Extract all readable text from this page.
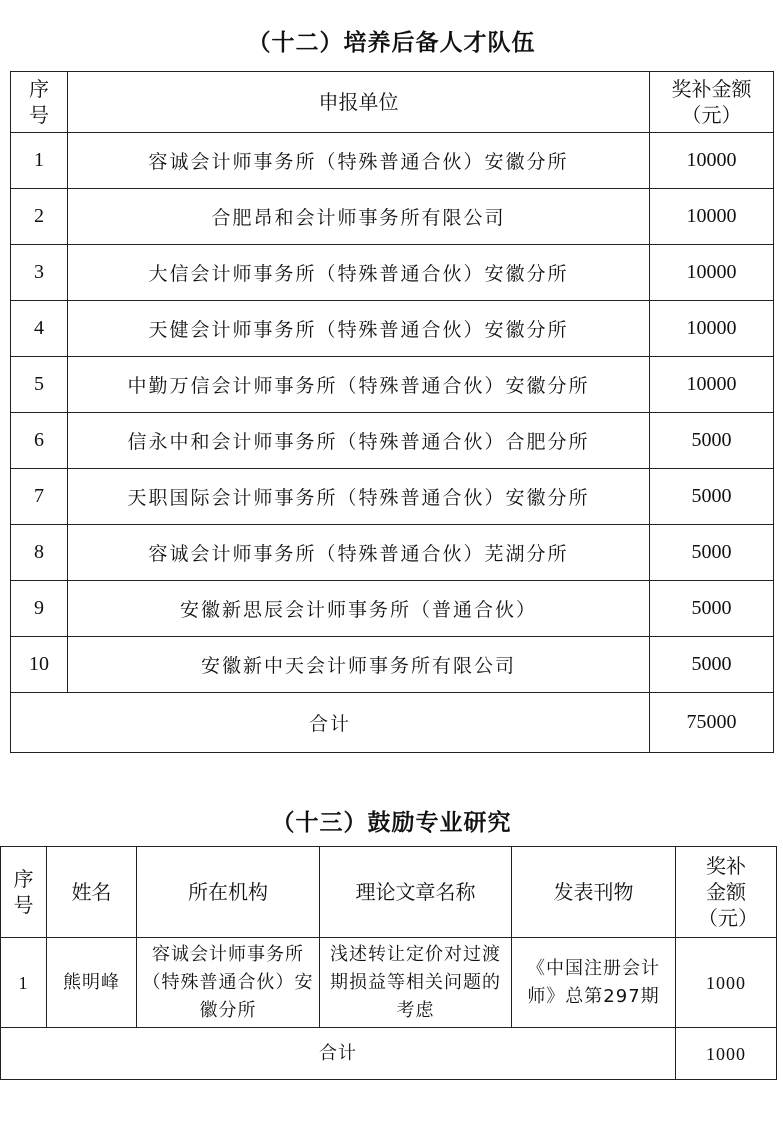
（十二）培养后备人才队伍
序号	申报单位	奖补金额（元）
1	容诚会计师事务所（特殊普通合伙）安徽分所	10000
2	合肥昂和会计师事务所有限公司	10000
3	大信会计师事务所（特殊普通合伙）安徽分所	10000
4	天健会计师事务所（特殊普通合伙）安徽分所	10000
5	中勤万信会计师事务所（特殊普通合伙）安徽分所	10000
6	信永中和会计师事务所（特殊普通合伙）合肥分所	5000
7	天职国际会计师事务所（特殊普通合伙）安徽分所	5000
8	容诚会计师事务所（特殊普通合伙）芜湖分所	5000
9	安徽新思辰会计师事务所（普通合伙）	5000
10	安徽新中天会计师事务所有限公司	5000
合计		75000
（十三）鼓励专业研究
序号	姓名	所在机构	理论文章名称	发表刊物	奖补金额（元）
1	熊明峰	容诚会计师事务所（特殊普通合伙）安徽分所	浅述转让定价对过渡期损益等相关问题的考虑	《中国注册会计师》总第297期	1000
合计					1000
